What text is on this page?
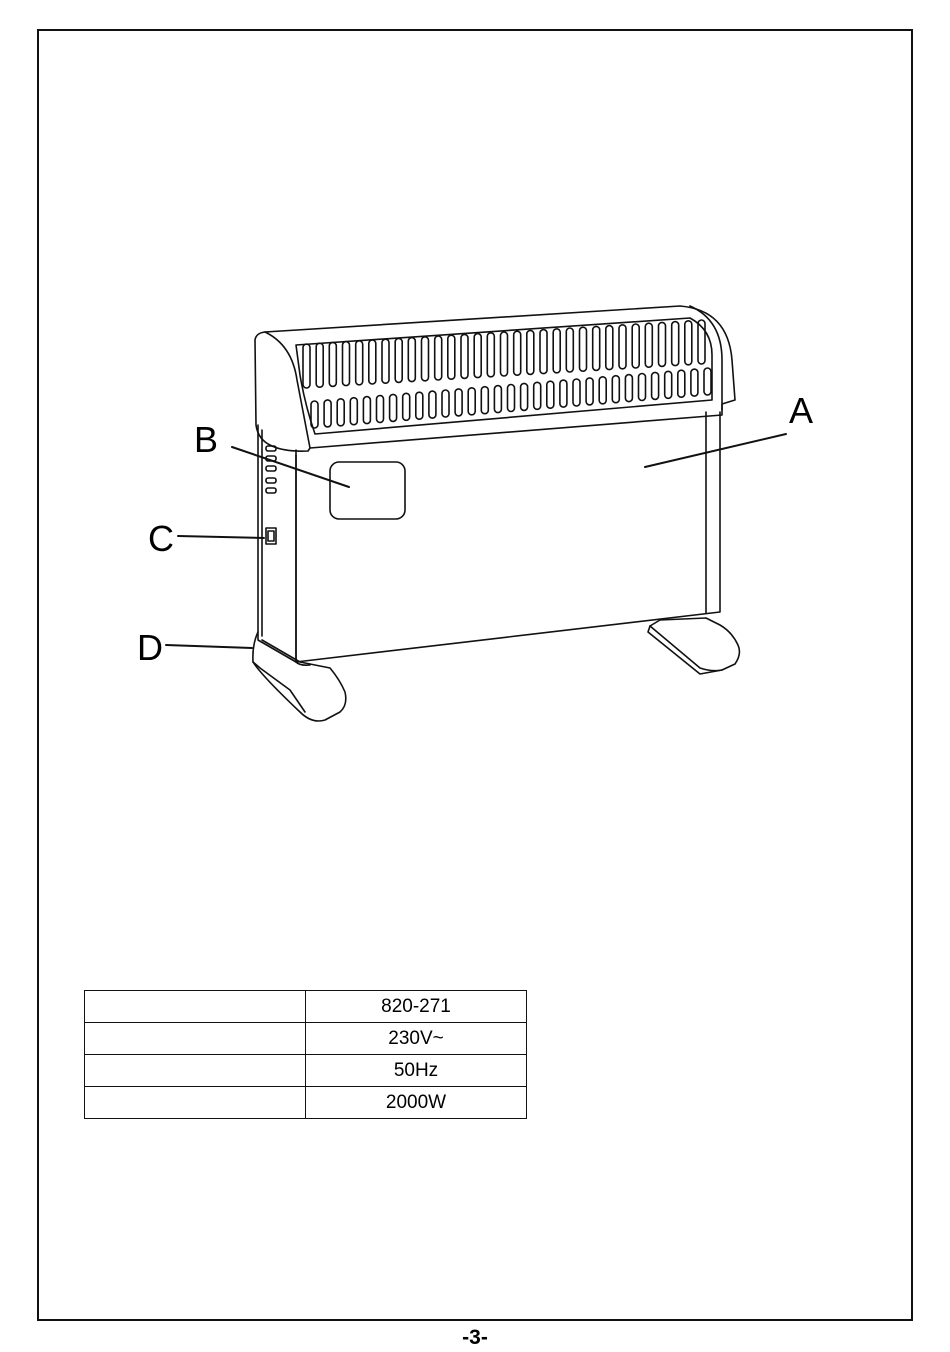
A
B
C
D
	820-271
	230V~
	50Hz
	2000W
-3-
